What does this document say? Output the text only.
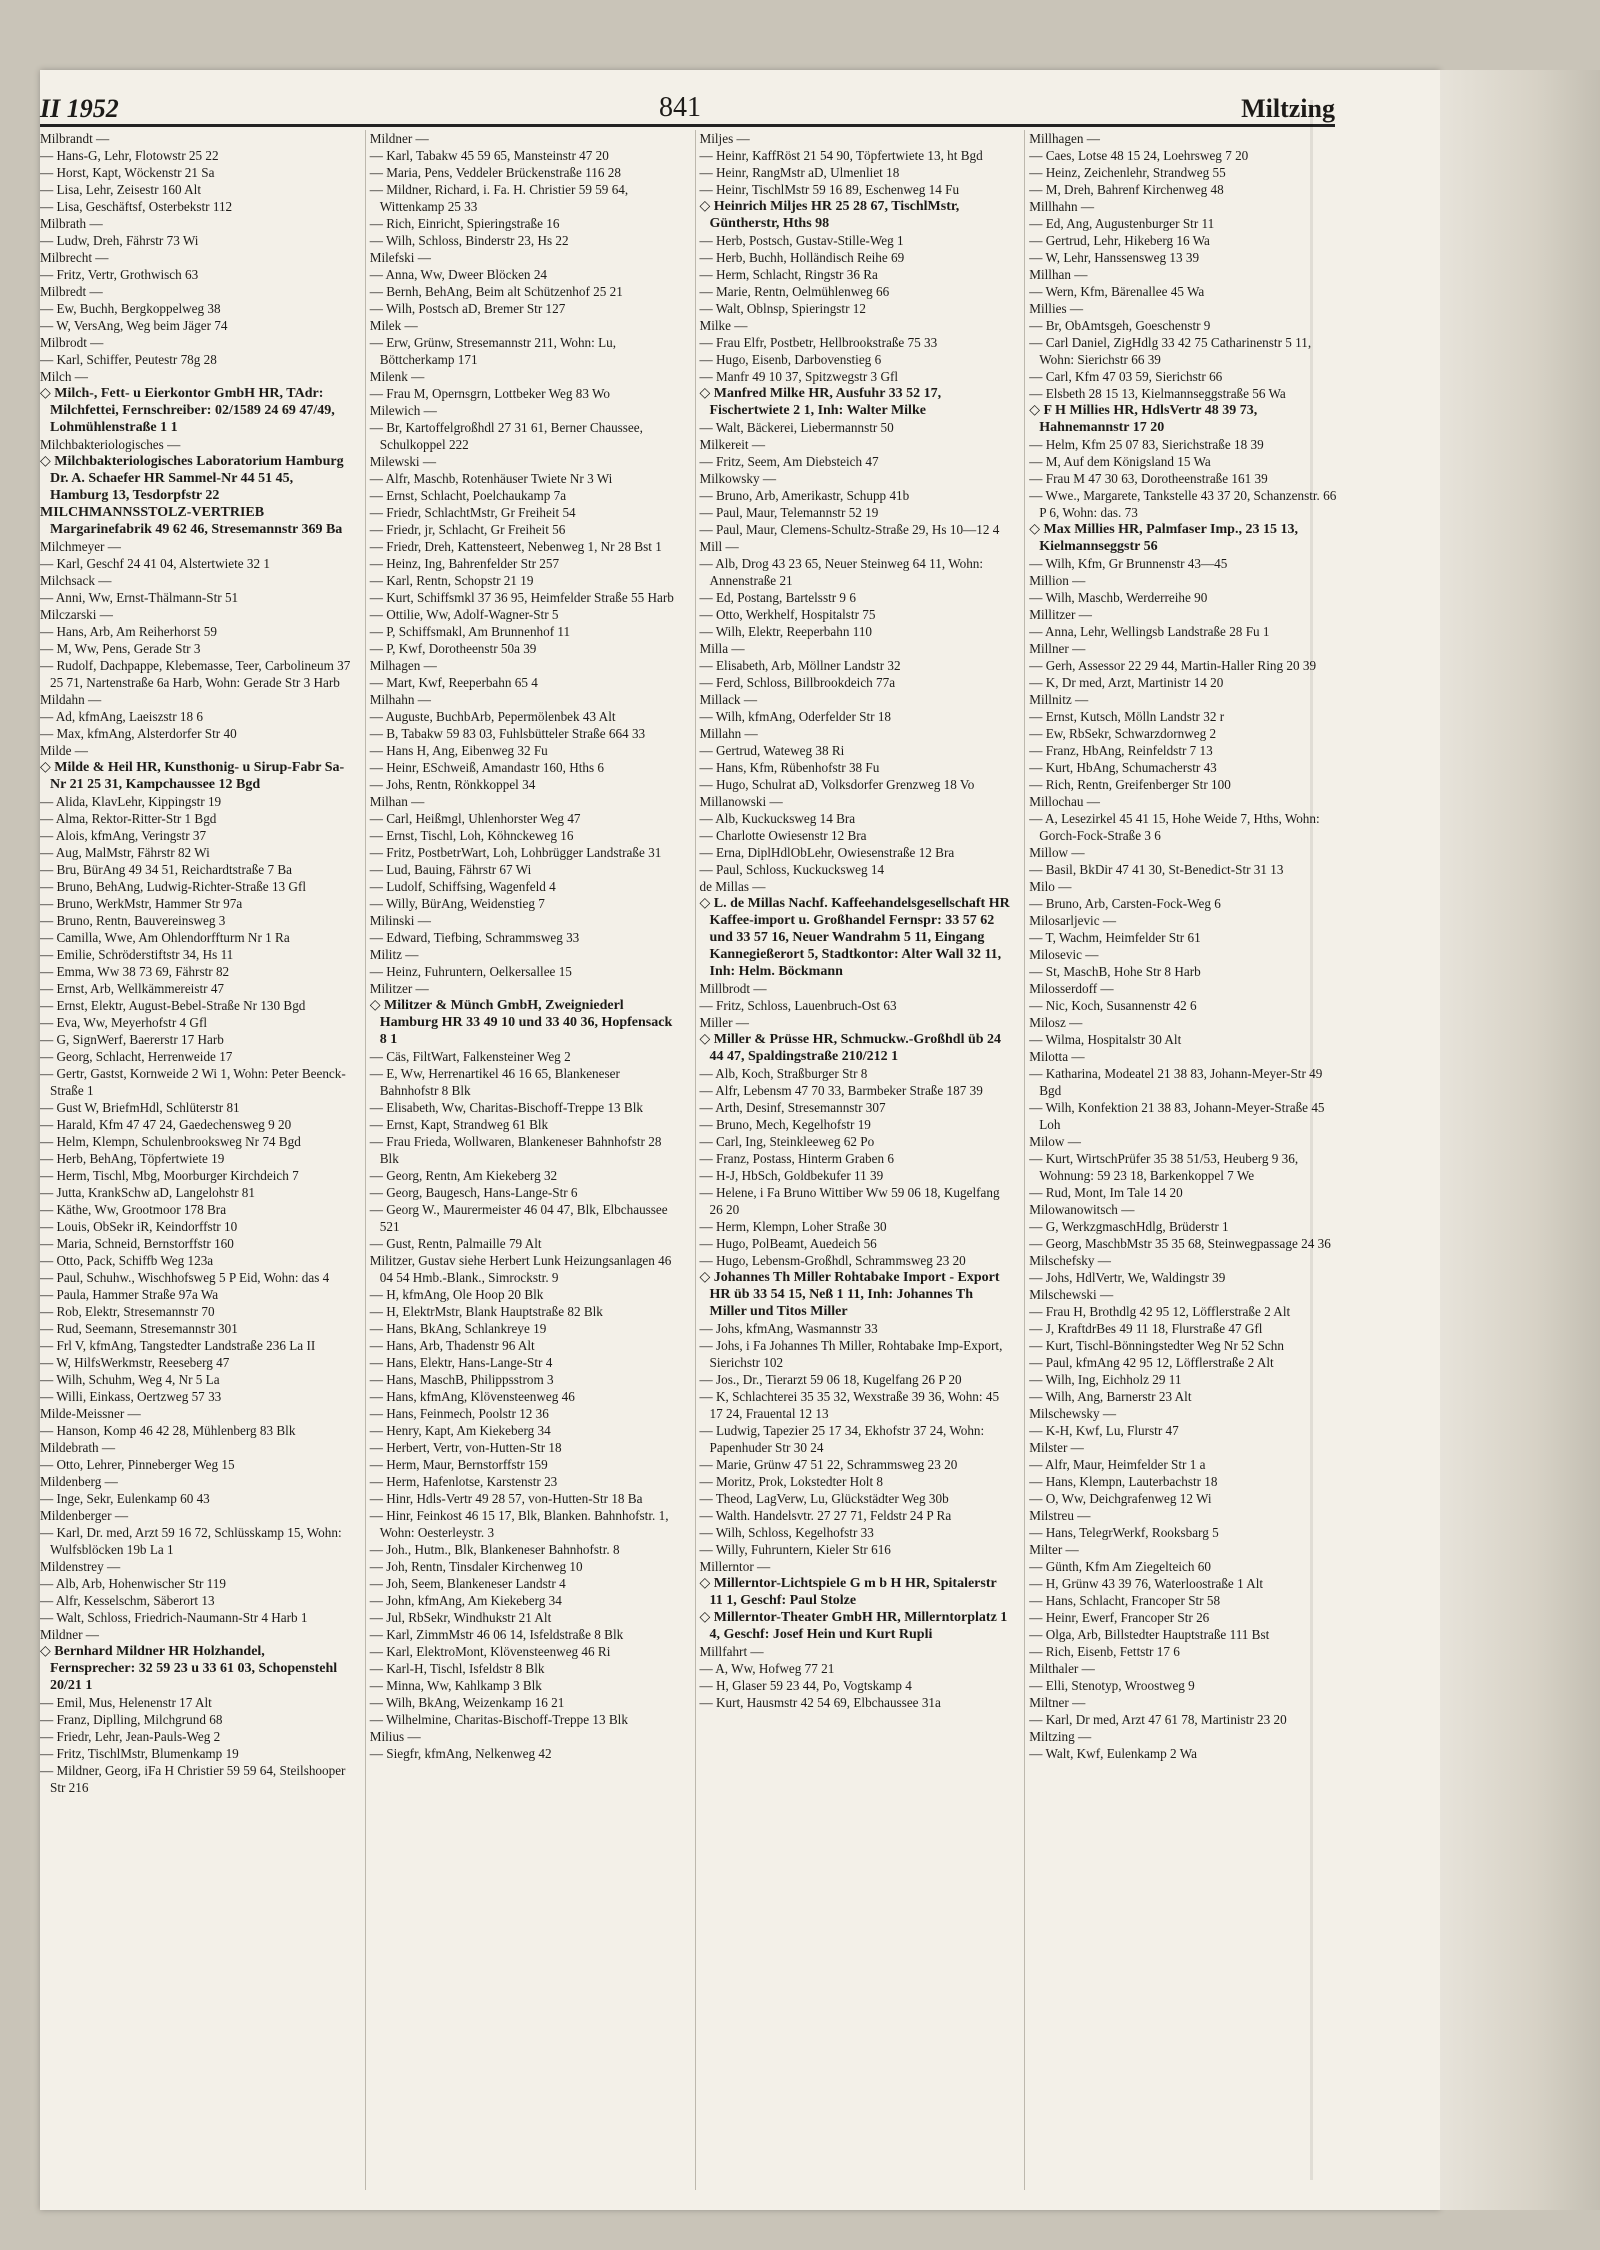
II 1952	841	Miltzing

Milbrandt —

— Hans-G, Lehr, Flotowstr 25 22

— Horst, Kapt, Wöckenstr 21 Sa

— Lisa, Lehr, Zeisestr 160 Alt

— Lisa, Geschäftsf, Osterbekstr 112

Milbrath —

— Ludw, Dreh, Fährstr 73 Wi

Milbrecht —

— Fritz, Vertr, Grothwisch 63

Milbredt —

— Ew, Buchh, Bergkoppelweg 38

— W, VersAng, Weg beim Jäger 74

Milbrodt —

— Karl, Schiffer, Peutestr 78g 28

Milch —

◇ Milch-, Fett- u Eierkontor GmbH HR, TAdr: Milchfettei, Fernschreiber: 02/1589 24 69 47/49, Lohmühlenstraße 1 1

Milchbakteriologisches —

◇ Milchbakteriologisches Laboratorium Hamburg Dr. A. Schaefer HR Sammel-Nr 44 51 45, Hamburg 13, Tesdorpfstr 22

MILCHMANNSSTOLZ-VERTRIEB Margarinefabrik 49 62 46, Stresemannstr 369 Ba

Milchmeyer —

— Karl, Geschf 24 41 04, Alstertwiete 32 1

Milchsack —

— Anni, Ww, Ernst-Thälmann-Str 51

Milczarski —

— Hans, Arb, Am Reiherhorst 59

— M, Ww, Pens, Gerade Str 3

— Rudolf, Dachpappe, Klebemasse, Teer, Carbolineum 37 25 71, Nartenstraße 6a Harb, Wohn: Gerade Str 3 Harb

Mildahn —

— Ad, kfmAng, Laeiszstr 18 6

— Max, kfmAng, Alsterdorfer Str 40

Milde —

◇ Milde & Heil HR, Kunsthonig- u Sirup-Fabr Sa-Nr 21 25 31, Kampchaussee 12 Bgd

— Alida, KlavLehr, Kippingstr 19

— Alma, Rektor-Ritter-Str 1 Bgd

— Alois, kfmAng, Veringstr 37

— Aug, MalMstr, Fährstr 82 Wi

— Bru, BürAng 49 34 51, Reichardtstraße 7 Ba

— Bruno, BehAng, Ludwig-Richter-Straße 13 Gfl

— Bruno, WerkMstr, Hammer Str 97a

— Bruno, Rentn, Bauvereinsweg 3

— Camilla, Wwe, Am Ohlendorffturm Nr 1 Ra

— Emilie, Schröderstiftstr 34, Hs 11

— Emma, Ww 38 73 69, Fährstr 82

— Ernst, Arb, Wellkämmereistr 47

— Ernst, Elektr, August-Bebel-Straße Nr 130 Bgd

— Eva, Ww, Meyerhofstr 4 Gfl

— G, SignWerf, Baererstr 17 Harb

— Georg, Schlacht, Herrenweide 17

— Gertr, Gastst, Kornweide 2 Wi 1, Wohn: Peter Beenck-Straße 1

— Gust W, BriefmHdl, Schlüterstr 81

— Harald, Kfm 47 47 24, Gaedechensweg 9 20

— Helm, Klempn, Schulenbrooksweg Nr 74 Bgd

— Herb, BehAng, Töpfertwiete 19

— Herm, Tischl, Mbg, Moorburger Kirchdeich 7

— Jutta, KrankSchw aD, Langelohstr 81

— Käthe, Ww, Grootmoor 178 Bra

— Louis, ObSekr iR, Keindorffstr 10

— Maria, Schneid, Bernstorffstr 160

— Otto, Pack, Schiffb Weg 123a

— Paul, Schuhw., Wischhofsweg 5 P Eid, Wohn: das 4

— Paula, Hammer Straße 97a Wa

— Rob, Elektr, Stresemannstr 70

— Rud, Seemann, Stresemannstr 301

— Frl V, kfmAng, Tangstedter Landstraße 236 La II

— W, HilfsWerkmstr, Reeseberg 47

— Wilh, Schuhm, Weg 4, Nr 5 La

— Willi, Einkass, Oertzweg 57 33

Milde-Meissner —

— Hanson, Komp 46 42 28, Mühlenberg 83 Blk

Mildebrath —

— Otto, Lehrer, Pinneberger Weg 15

Mildenberg —

— Inge, Sekr, Eulenkamp 60 43

Mildenberger —

— Karl, Dr. med, Arzt 59 16 72, Schlüsskamp 15, Wohn: Wulfsblöcken 19b La 1

Mildenstrey —

— Alb, Arb, Hohenwischer Str 119

— Alfr, Kesselschm, Säberort 13

— Walt, Schloss, Friedrich-Naumann-Str 4 Harb 1

Mildner —

◇ Bernhard Mildner HR Holzhandel, Fernsprecher: 32 59 23 u 33 61 03, Schopenstehl 20/21 1

— Emil, Mus, Helenenstr 17 Alt

— Franz, Diplling, Milchgrund 68

— Friedr, Lehr, Jean-Pauls-Weg 2

— Fritz, TischlMstr, Blumenkamp 19

— Mildner, Georg, iFa H Christier 59 59 64, Steilshooper Str 216

Mildner —

— Karl, Tabakw 45 59 65, Mansteinstr 47 20

— Maria, Pens, Veddeler Brückenstraße 116 28

— Mildner, Richard, i. Fa. H. Christier 59 59 64, Wittenkamp 25 33

— Rich, Einricht, Spieringstraße 16

— Wilh, Schloss, Binderstr 23, Hs 22

Milefski —

— Anna, Ww, Dweer Blöcken 24

— Bernh, BehAng, Beim alt Schützenhof 25 21

— Wilh, Postsch aD, Bremer Str 127

Milek —

— Erw, Grünw, Stresemannstr 211, Wohn: Lu, Böttcherkamp 171

Milenk —

— Frau M, Opernsgrn, Lottbeker Weg 83 Wo

Milewich —

— Br, Kartoffelgroßhdl 27 31 61, Berner Chaussee, Schulkoppel 222

Milewski —

— Alfr, Maschb, Rotenhäuser Twiete Nr 3 Wi

— Ernst, Schlacht, Poelchaukamp 7a

— Friedr, SchlachtMstr, Gr Freiheit 54

— Friedr, jr, Schlacht, Gr Freiheit 56

— Friedr, Dreh, Kattensteert, Nebenweg 1, Nr 28 Bst 1

— Heinz, Ing, Bahrenfelder Str 257

— Karl, Rentn, Schopstr 21 19

— Kurt, Schiffsmkl 37 36 95, Heimfelder Straße 55 Harb

— Ottilie, Ww, Adolf-Wagner-Str 5

— P, Schiffsmakl, Am Brunnenhof 11

— P, Kwf, Dorotheenstr 50a 39

Milhagen —

— Mart, Kwf, Reeperbahn 65 4

Milhahn —

— Auguste, BuchbArb, Pepermölenbek 43 Alt

— B, Tabakw 59 83 03, Fuhlsbütteler Straße 664 33

— Hans H, Ang, Eibenweg 32 Fu

— Heinr, ESchweiß, Amandastr 160, Hths 6

— Johs, Rentn, Rönkkoppel 34

Milhan —

— Carl, Heißmgl, Uhlenhorster Weg 47

— Ernst, Tischl, Loh, Köhnckeweg 16

— Fritz, PostbetrWart, Loh, Lohbrügger Landstraße 31

— Lud, Bauing, Fährstr 67 Wi

— Ludolf, Schiffsing, Wagenfeld 4

— Willy, BürAng, Weidenstieg 7

Milinski —

— Edward, Tiefbing, Schrammsweg 33

Militz —

— Heinz, Fuhruntern, Oelkersallee 15

Militzer —

◇ Militzer & Münch GmbH, Zweigniederl Hamburg HR 33 49 10 und 33 40 36, Hopfensack 8 1

— Cäs, FiltWart, Falkensteiner Weg 2

— E, Ww, Herrenartikel 46 16 65, Blankeneser Bahnhofstr 8 Blk

— Elisabeth, Ww, Charitas-Bischoff-Treppe 13 Blk

— Ernst, Kapt, Strandweg 61 Blk

— Frau Frieda, Wollwaren, Blankeneser Bahnhofstr 28 Blk

— Georg, Rentn, Am Kiekeberg 32

— Georg, Baugesch, Hans-Lange-Str 6

— Georg W., Maurermeister 46 04 47, Blk, Elbchaussee 521

— Gust, Rentn, Palmaille 79 Alt

Militzer, Gustav siehe Herbert Lunk Heizungsanlagen 46 04 54 Hmb.-Blank., Simrockstr. 9

— H, kfmAng, Ole Hoop 20 Blk

— H, ElektrMstr, Blank Hauptstraße 82 Blk

— Hans, BkAng, Schlankreye 19

— Hans, Arb, Thadenstr 96 Alt

— Hans, Elektr, Hans-Lange-Str 4

— Hans, MaschB, Philippsstrom 3

— Hans, kfmAng, Klövensteenweg 46

— Hans, Feinmech, Poolstr 12 36

— Henry, Kapt, Am Kiekeberg 34

— Herbert, Vertr, von-Hutten-Str 18

— Herm, Maur, Bernstorffstr 159

— Herm, Hafenlotse, Karstenstr 23

— Hinr, Hdls-Vertr 49 28 57, von-Hutten-Str 18 Ba

— Hinr, Feinkost 46 15 17, Blk, Blanken. Bahnhofstr. 1, Wohn: Oesterleystr. 3

— Joh., Hutm., Blk, Blankeneser Bahnhofstr. 8

— Joh, Rentn, Tinsdaler Kirchenweg 10

— Joh, Seem, Blankeneser Landstr 4

— John, kfmAng, Am Kiekeberg 34

— Jul, RbSekr, Windhukstr 21 Alt

— Karl, ZimmMstr 46 06 14, Isfeldstraße 8 Blk

— Karl, ElektroMont, Klövensteenweg 46 Ri

— Karl-H, Tischl, Isfeldstr 8 Blk

— Minna, Ww, Kahlkamp 3 Blk

— Wilh, BkAng, Weizenkamp 16 21

— Wilhelmine, Charitas-Bischoff-Treppe 13 Blk

Milius —

— Siegfr, kfmAng, Nelkenweg 42

Miljes —

— Heinr, KaffRöst 21 54 90, Töpfertwiete 13, ht Bgd

— Heinr, RangMstr aD, Ulmenliet 18

— Heinr, TischlMstr 59 16 89, Eschenweg 14 Fu

◇ Heinrich Miljes HR 25 28 67, TischlMstr, Güntherstr, Hths 98

— Herb, Postsch, Gustav-Stille-Weg 1

— Herb, Buchh, Holländisch Reihe 69

— Herm, Schlacht, Ringstr 36 Ra

— Marie, Rentn, Oelmühlenweg 66

— Walt, Oblnsp, Spieringstr 12

Milke —

— Frau Elfr, Postbetr, Hellbrookstraße 75 33

— Hugo, Eisenb, Darbovenstieg 6

— Manfr 49 10 37, Spitzwegstr 3 Gfl

◇ Manfred Milke HR, Ausfuhr 33 52 17, Fischertwiete 2 1, Inh: Walter Milke

— Walt, Bäckerei, Liebermannstr 50

Milkereit —

— Fritz, Seem, Am Diebsteich 47

Milkowsky —

— Bruno, Arb, Amerikastr, Schupp 41b

— Paul, Maur, Telemannstr 52 19

— Paul, Maur, Clemens-Schultz-Straße 29, Hs 10—12 4

Mill —

— Alb, Drog 43 23 65, Neuer Steinweg 64 11, Wohn: Annenstraße 21

— Ed, Postang, Bartelsstr 9 6

— Otto, Werkhelf, Hospitalstr 75

— Wilh, Elektr, Reeperbahn 110

Milla —

— Elisabeth, Arb, Möllner Landstr 32

— Ferd, Schloss, Billbrookdeich 77a

Millack —

— Wilh, kfmAng, Oderfelder Str 18

Millahn —

— Gertrud, Wateweg 38 Ri

— Hans, Kfm, Rübenhofstr 38 Fu

— Hugo, Schulrat aD, Volksdorfer Grenzweg 18 Vo

Millanowski —

— Alb, Kuckucksweg 14 Bra

— Charlotte Owiesenstr 12 Bra

— Erna, DiplHdlObLehr, Owiesenstraße 12 Bra

— Paul, Schloss, Kuckucksweg 14

de Millas —

◇ L. de Millas Nachf. Kaffeehandelsgesellschaft HR Kaffee-import u. Großhandel Fernspr: 33 57 62 und 33 57 16, Neuer Wandrahm 5 11, Eingang Kannegießerort 5, Stadtkontor: Alter Wall 32 11, Inh: Helm. Böckmann

Millbrodt —

— Fritz, Schloss, Lauenbruch-Ost 63

Miller —

◇ Miller & Prüsse HR, Schmuckw.-Großhdl üb 24 44 47, Spaldingstraße 210/212 1

— Alb, Koch, Straßburger Str 8

— Alfr, Lebensm 47 70 33, Barmbeker Straße 187 39

— Arth, Desinf, Stresemannstr 307

— Bruno, Mech, Kegelhofstr 19

— Carl, Ing, Steinkleeweg 62 Po

— Franz, Postass, Hinterm Graben 6

— H-J, HbSch, Goldbekufer 11 39

— Helene, i Fa Bruno Wittiber Ww 59 06 18, Kugelfang 26 20

— Herm, Klempn, Loher Straße 30

— Hugo, PolBeamt, Auedeich 56

— Hugo, Lebensm-Großhdl, Schrammsweg 23 20

◇ Johannes Th Miller Rohtabake Import - Export HR üb 33 54 15, Neß 1 11, Inh: Johannes Th Miller und Titos Miller

— Johs, kfmAng, Wasmannstr 33

— Johs, i Fa Johannes Th Miller, Rohtabake Imp-Export, Sierichstr 102

— Jos., Dr., Tierarzt 59 06 18, Kugelfang 26 P 20

— K, Schlachterei 35 35 32, Wexstraße 39 36, Wohn: 45 17 24, Frauental 12 13

— Ludwig, Tapezier 25 17 34, Ekhofstr 37 24, Wohn: Papenhuder Str 30 24

— Marie, Grünw 47 51 22, Schrammsweg 23 20

— Moritz, Prok, Lokstedter Holt 8

— Theod, LagVerw, Lu, Glückstädter Weg 30b

— Walth. Handelsvtr. 27 27 71, Feldstr 24 P Ra

— Wilh, Schloss, Kegelhofstr 33

— Willy, Fuhruntern, Kieler Str 616

Millerntor —

◇ Millerntor-Lichtspiele G m b H HR, Spitalerstr 11 1, Geschf: Paul Stolze

◇ Millerntor-Theater GmbH HR, Millerntorplatz 1 4, Geschf: Josef Hein und Kurt Rupli

Millfahrt —

— A, Ww, Hofweg 77 21

— H, Glaser 59 23 44, Po, Vogtskamp 4

— Kurt, Hausmstr 42 54 69, Elbchaussee 31a

Millhagen —

— Caes, Lotse 48 15 24, Loehrsweg 7 20

— Heinz, Zeichenlehr, Strandweg 55

— M, Dreh, Bahrenf Kirchenweg 48

Millhahn —

— Ed, Ang, Augustenburger Str 11

— Gertrud, Lehr, Hikeberg 16 Wa

— W, Lehr, Hanssensweg 13 39

Millhan —

— Wern, Kfm, Bärenallee 45 Wa

Millies —

— Br, ObAmtsgeh, Goeschenstr 9

— Carl Daniel, ZigHdlg 33 42 75 Catharinenstr 5 11, Wohn: Sierichstr 66 39

— Carl, Kfm 47 03 59, Sierichstr 66

— Elsbeth 28 15 13, Kielmannseggstraße 56 Wa

◇ F H Millies HR, HdlsVertr 48 39 73, Hahnemannstr 17 20

— Helm, Kfm 25 07 83, Sierichstraße 18 39

— M, Auf dem Königsland 15 Wa

— Frau M 47 30 63, Dorotheenstraße 161 39

— Wwe., Margarete, Tankstelle 43 37 20, Schanzenstr. 66 P 6, Wohn: das. 73

◇ Max Millies HR, Palmfaser Imp., 23 15 13, Kielmannseggstr 56

— Wilh, Kfm, Gr Brunnenstr 43—45

Million —

— Wilh, Maschb, Werderreihe 90

Millitzer —

— Anna, Lehr, Wellingsb Landstraße 28 Fu 1

Millner —

— Gerh, Assessor 22 29 44, Martin-Haller Ring 20 39

— K, Dr med, Arzt, Martinistr 14 20

Millnitz —

— Ernst, Kutsch, Mölln Landstr 32 r

— Ew, RbSekr, Schwarzdornweg 2

— Franz, HbAng, Reinfeldstr 7 13

— Kurt, HbAng, Schumacherstr 43

— Rich, Rentn, Greifenberger Str 100

Millochau —

— A, Lesezirkel 45 41 15, Hohe Weide 7, Hths, Wohn: Gorch-Fock-Straße 3 6

Millow —

— Basil, BkDir 47 41 30, St-Benedict-Str 31 13

Milo —

— Bruno, Arb, Carsten-Fock-Weg 6

Milosarljevic —

— T, Wachm, Heimfelder Str 61

Milosevic —

— St, MaschB, Hohe Str 8 Harb

Milosserdoff —

— Nic, Koch, Susannenstr 42 6

Milosz —

— Wilma, Hospitalstr 30 Alt

Milotta —

— Katharina, Modeatel 21 38 83, Johann-Meyer-Str 49 Bgd

— Wilh, Konfektion 21 38 83, Johann-Meyer-Straße 45 Loh

Milow —

— Kurt, WirtschPrüfer 35 38 51/53, Heuberg 9 36, Wohnung: 59 23 18, Barkenkoppel 7 We

— Rud, Mont, Im Tale 14 20

Milowanowitsch —

— G, WerkzgmaschHdlg, Brüderstr 1

— Georg, MaschbMstr 35 35 68, Steinwegpassage 24 36

Milschefsky —

— Johs, HdlVertr, We, Waldingstr 39

Milschewski —

— Frau H, Brothdlg 42 95 12, Löfflerstraße 2 Alt

— J, KraftdrBes 49 11 18, Flurstraße 47 Gfl

— Kurt, Tischl-Bönningstedter Weg Nr 52 Schn

— Paul, kfmAng 42 95 12, Löfflerstraße 2 Alt

— Wilh, Ing, Eichholz 29 11

— Wilh, Ang, Barnerstr 23 Alt

Milschewsky —

— K-H, Kwf, Lu, Flurstr 47

Milster —

— Alfr, Maur, Heimfelder Str 1 a

— Hans, Klempn, Lauterbachstr 18

— O, Ww, Deichgrafenweg 12 Wi

Milstreu —

— Hans, TelegrWerkf, Rooksbarg 5

Milter —

— Günth, Kfm Am Ziegelteich 60

— H, Grünw 43 39 76, Waterloostraße 1 Alt

— Hans, Schlacht, Francoper Str 58

— Heinr, Ewerf, Francoper Str 26

— Olga, Arb, Billstedter Hauptstraße 111 Bst

— Rich, Eisenb, Fettstr 17 6

Milthaler —

— Elli, Stenotyp, Wroostweg 9

Miltner —

— Karl, Dr med, Arzt 47 61 78, Martinistr 23 20

Miltzing —

— Walt, Kwf, Eulenkamp 2 Wa
